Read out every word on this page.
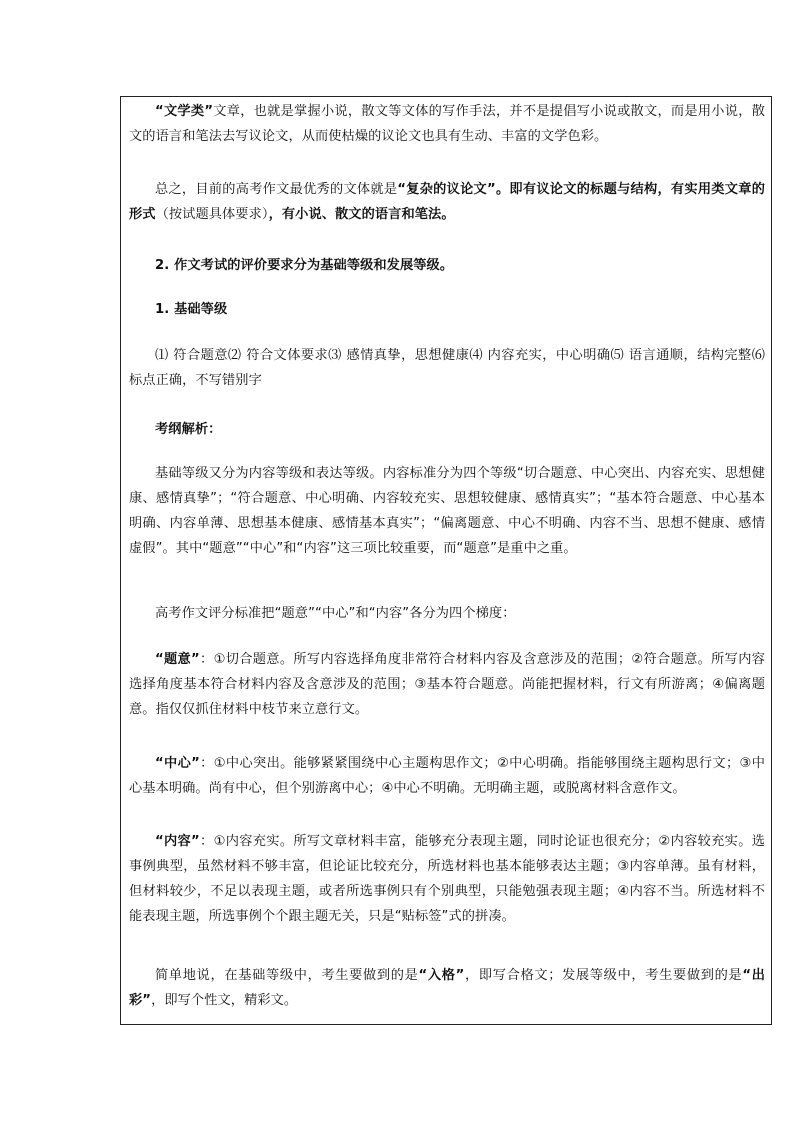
“文学类”文章，也就是掌握小说，散文等文体的写作手法，并不是提倡写小说或散文，而是用小说，散文的语言和笔法去写议论文，从而使枯燥的议论文也具有生动、丰富的文学色彩。

总之，目前的高考作文最优秀的文体就是“复杂的议论文”。即有议论文的标题与结构，有实用类文章的形式（按试题具体要求），有小说、散文的语言和笔法。

2. 作文考试的评价要求分为基础等级和发展等级。

1. 基础等级

⑴ 符合题意⑵ 符合文体要求⑶ 感情真挚，思想健康⑷ 内容充实，中心明确⑸ 语言通顺，结构完整⑹ 标点正确，不写错别字

考纲解析：

基础等级又分为内容等级和表达等级。内容标准分为四个等级“切合题意、中心突出、内容充实、思想健康、感情真挚”；“符合题意、中心明确、内容较充实、思想较健康、感情真实”；“基本符合题意、中心基本明确、内容单薄、思想基本健康、感情基本真实”；“偏离题意、中心不明确、内容不当、思想不健康、感情虚假”。其中“题意”“中心”和“内容”这三项比较重要，而“题意”是重中之重。

高考作文评分标准把“题意”“中心”和“内容”各分为四个梯度：

“题意”：①切合题意。所写内容选择角度非常符合材料内容及含意涉及的范围；②符合题意。所写内容选择角度基本符合材料内容及含意涉及的范围；③基本符合题意。尚能把握材料，行文有所游离；④偏离题意。指仅仅抓住材料中枝节来立意行文。

“中心”：①中心突出。能够紧紧围绕中心主题构思作文；②中心明确。指能够围绕主题构思行文；③中心基本明确。尚有中心，但个别游离中心；④中心不明确。无明确主题，或脱离材料含意作文。

“内容”：①内容充实。所写文章材料丰富，能够充分表现主题，同时论证也很充分；②内容较充实。选事例典型，虽然材料不够丰富，但论证比较充分，所选材料也基本能够表达主题；③内容单薄。虽有材料，但材料较少，不足以表现主题，或者所选事例只有个别典型，只能勉强表现主题；④内容不当。所选材料不能表现主题，所选事例个个跟主题无关，只是“贴标签”式的拼凑。

简单地说，在基础等级中，考生要做到的是“入格”，即写合格文；发展等级中，考生要做到的是“出彩”，即写个性文，精彩文。
